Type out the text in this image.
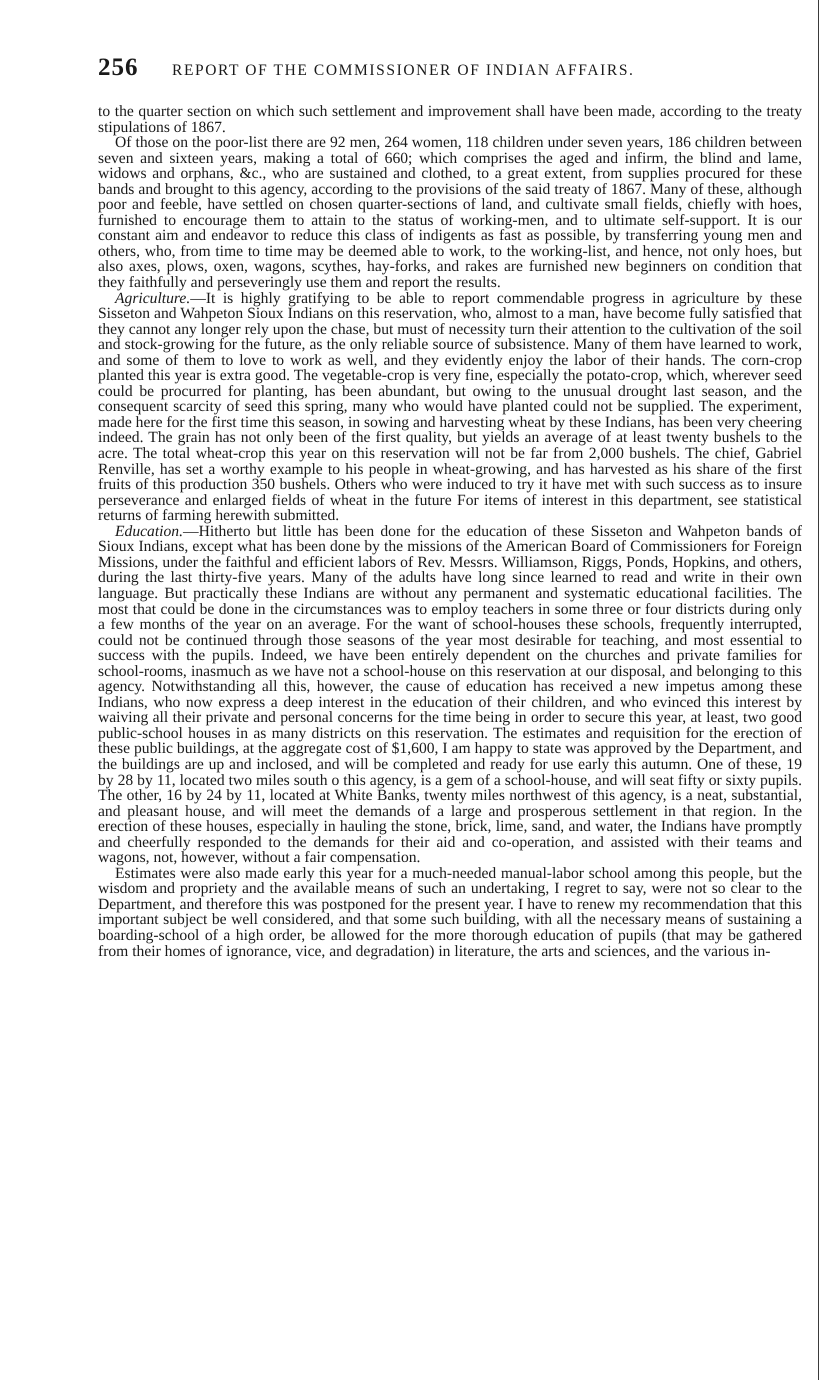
256 REPORT OF THE COMMISSIONER OF INDIAN AFFAIRS.

to the quarter section on which such settlement and improvement shall have been made, according to the treaty stipulations of 1867.

Of those on the poor-list there are 92 men, 264 women, 118 children under seven years, 186 children between seven and sixteen years, making a total of 660; which comprises the aged and infirm, the blind and lame, widows and orphans, &c., who are sustained and clothed, to a great extent, from supplies procured for these bands and brought to this agency, according to the provisions of the said treaty of 1867. Many of these, although poor and feeble, have settled on chosen quarter-sections of land, and cultivate small fields, chiefly with hoes, furnished to encourage them to attain to the status of working-men, and to ultimate self-support. It is our constant aim and endeavor to reduce this class of indigents as fast as possible, by transferring young men and others, who, from time to time may be deemed able to work, to the working-list, and hence, not only hoes, but also axes, plows, oxen, wagons, scythes, hay-forks, and rakes are furnished new beginners on condition that they faithfully and perseveringly use them and report the results.

Agriculture.—It is highly gratifying to be able to report commendable progress in agriculture by these Sisseton and Wahpeton Sioux Indians on this reservation, who, almost to a man, have become fully satisfied that they cannot any longer rely upon the chase, but must of necessity turn their attention to the cultivation of the soil and stock-growing for the future, as the only reliable source of subsistence. Many of them have learned to work, and some of them to love to work as well, and they evidently enjoy the labor of their hands. The corn-crop planted this year is extra good. The vegetable-crop is very fine, especially the potato-crop, which, wherever seed could be procurred for planting, has been abundant, but owing to the unusual drought last season, and the consequent scarcity of seed this spring, many who would have planted could not be supplied. The experiment, made here for the first time this season, in sowing and harvesting wheat by these Indians, has been very cheering indeed. The grain has not only been of the first quality, but yields an average of at least twenty bushels to the acre. The total wheat-crop this year on this reservation will not be far from 2,000 bushels. The chief, Gabriel Renville, has set a worthy example to his people in wheat-growing, and has harvested as his share of the first fruits of this production 350 bushels. Others who were induced to try it have met with such success as to insure perseverance and enlarged fields of wheat in the future For items of interest in this department, see statistical returns of farming herewith submitted.

Education.—Hitherto but little has been done for the education of these Sisseton and Wahpeton bands of Sioux Indians, except what has been done by the missions of the American Board of Commissioners for Foreign Missions, under the faithful and efficient labors of Rev. Messrs. Williamson, Riggs, Ponds, Hopkins, and others, during the last thirty-five years. Many of the adults have long since learned to read and write in their own language. But practically these Indians are without any permanent and systematic educational facilities. The most that could be done in the circumstances was to employ teachers in some three or four districts during only a few months of the year on an average. For the want of school-houses these schools, frequently interrupted, could not be continued through those seasons of the year most desirable for teaching, and most essential to success with the pupils. Indeed, we have been entirely dependent on the churches and private families for school-rooms, inasmuch as we have not a school-house on this reservation at our disposal, and belonging to this agency. Notwithstanding all this, however, the cause of education has received a new impetus among these Indians, who now express a deep interest in the education of their children, and who evinced this interest by waiving all their private and personal concerns for the time being in order to secure this year, at least, two good public-school houses in as many districts on this reservation. The estimates and requisition for the erection of these public buildings, at the aggregate cost of $1,600, I am happy to state was approved by the Department, and the buildings are up and inclosed, and will be completed and ready for use early this autumn. One of these, 19 by 28 by 11, located two miles south o this agency, is a gem of a school-house, and will seat fifty or sixty pupils. The other, 16 by 24 by 11, located at White Banks, twenty miles northwest of this agency, is a neat, substantial, and pleasant house, and will meet the demands of a large and prosperous settlement in that region. In the erection of these houses, especially in hauling the stone, brick, lime, sand, and water, the Indians have promptly and cheerfully responded to the demands for their aid and co-operation, and assisted with their teams and wagons, not, however, without a fair compensation.

Estimates were also made early this year for a much-needed manual-labor school among this people, but the wisdom and propriety and the available means of such an undertaking, I regret to say, were not so clear to the Department, and therefore this was postponed for the present year. I have to renew my recommendation that this important subject be well considered, and that some such building, with all the necessary means of sustaining a boarding-school of a high order, be allowed for the more thorough education of pupils (that may be gathered from their homes of ignorance, vice, and degradation) in literature, the arts and sciences, and the various in-
